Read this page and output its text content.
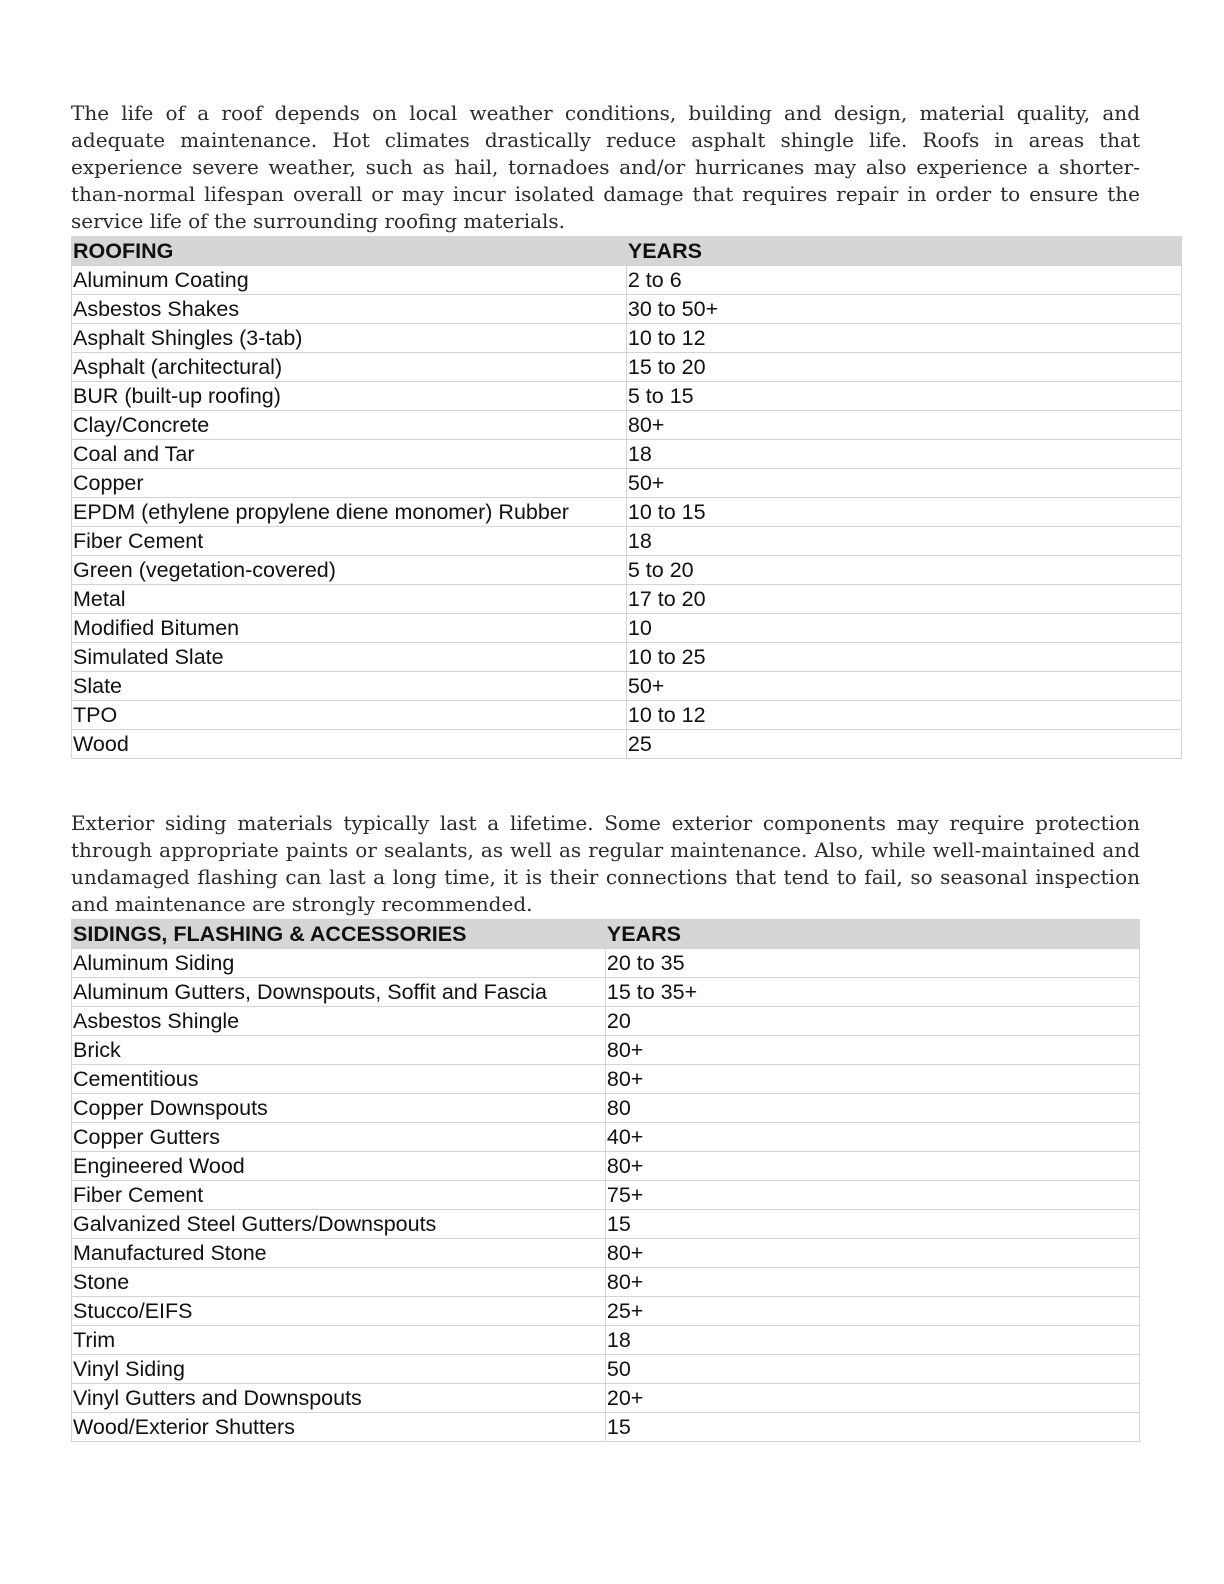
The life of a roof depends on local weather conditions, building and design, material quality, and adequate maintenance. Hot climates drastically reduce asphalt shingle life. Roofs in areas that experience severe weather, such as hail, tornadoes and/or hurricanes may also experience a shorter-than-normal lifespan overall or may incur isolated damage that requires repair in order to ensure the service life of the surrounding roofing materials.

ROOFING	YEARS
Aluminum Coating	2 to 6
Asbestos Shakes	30 to 50+
Asphalt Shingles (3-tab)	10 to 12
Asphalt (architectural)	15 to 20
BUR (built-up roofing)	5 to 15
Clay/Concrete	80+
Coal and Tar	18
Copper	50+
EPDM (ethylene propylene diene monomer) Rubber	10 to 15
Fiber Cement	18
Green (vegetation-covered)	5 to 20
Metal	17 to 20
Modified Bitumen	10
Simulated Slate	10 to 25
Slate	50+
TPO	10 to 12
Wood	25

Exterior siding materials typically last a lifetime. Some exterior components may require protection through appropriate paints or sealants, as well as regular maintenance. Also, while well-maintained and undamaged flashing can last a long time, it is their connections that tend to fail, so seasonal inspection and maintenance are strongly recommended.

SIDINGS, FLASHING & ACCESSORIES	YEARS
Aluminum Siding	20 to 35
Aluminum Gutters, Downspouts, Soffit and Fascia	15 to 35+
Asbestos Shingle	20
Brick	80+
Cementitious	80+
Copper Downspouts	80
Copper Gutters	40+
Engineered Wood	80+
Fiber Cement	75+
Galvanized Steel Gutters/Downspouts	15
Manufactured Stone	80+
Stone	80+
Stucco/EIFS	25+
Trim	18
Vinyl Siding	50
Vinyl Gutters and Downspouts	20+
Wood/Exterior Shutters	15
